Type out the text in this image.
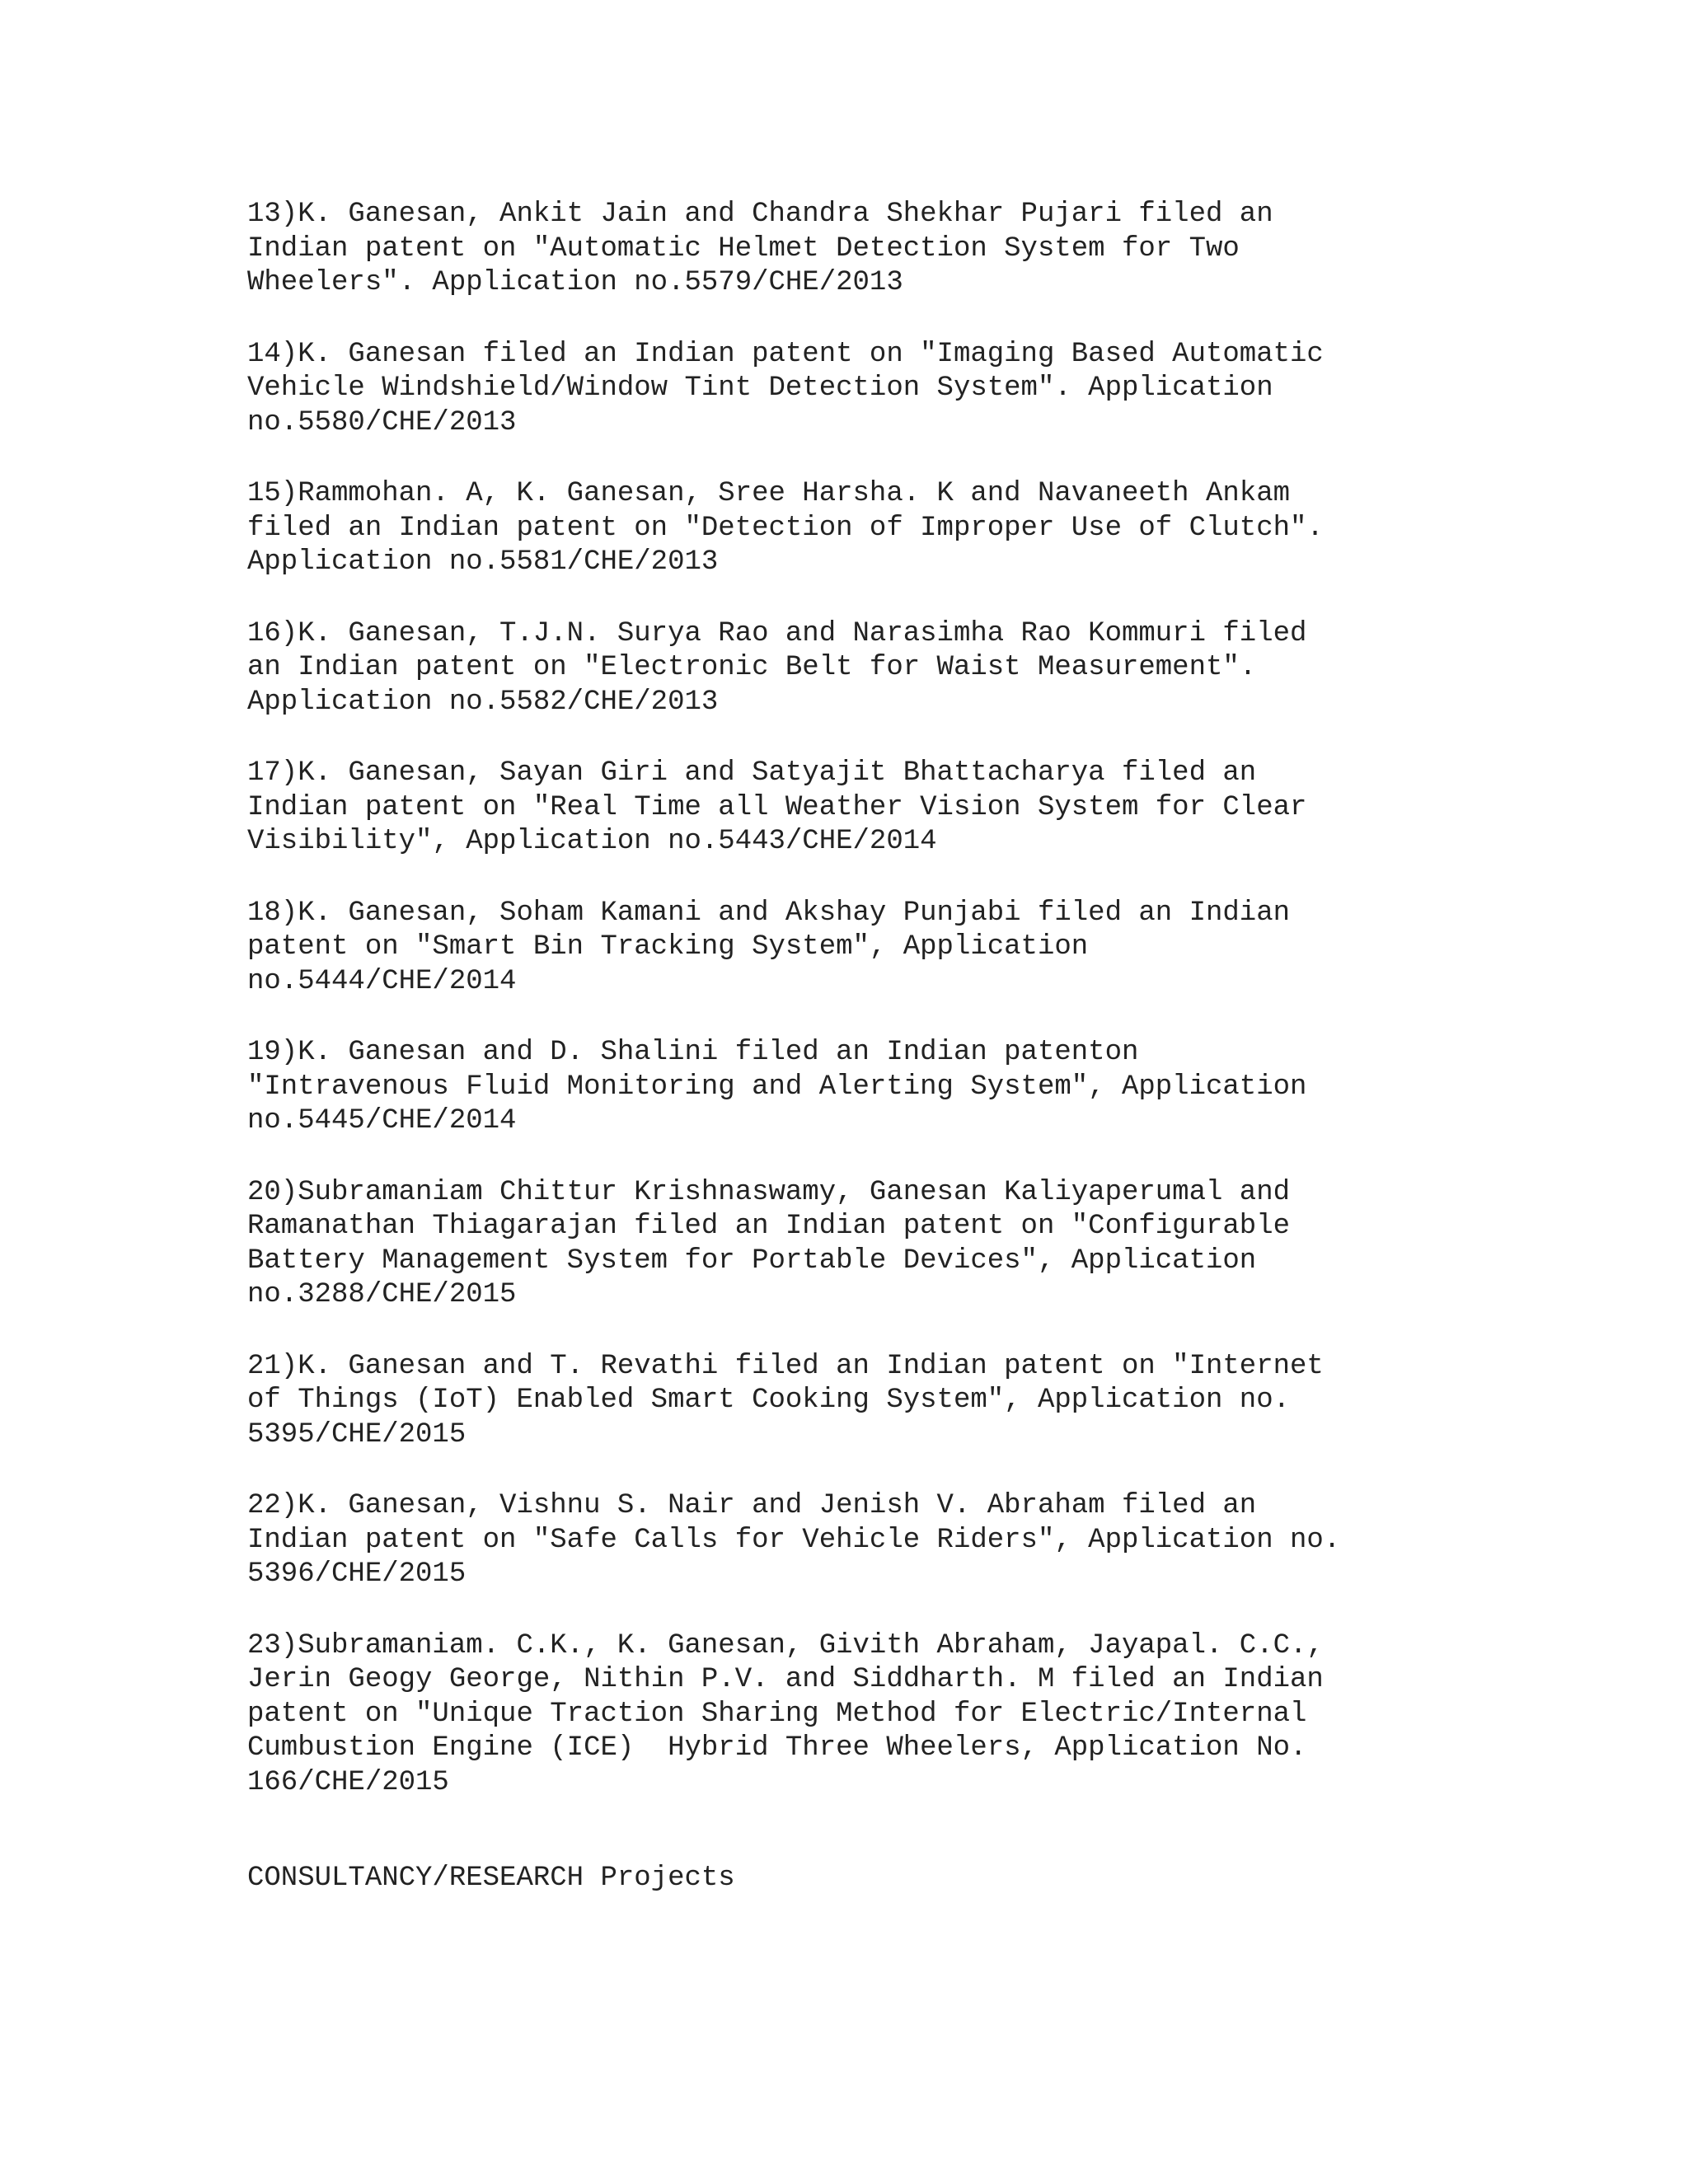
13)K. Ganesan, Ankit Jain and Chandra Shekhar Pujari filed an
Indian patent on "Automatic Helmet Detection System for Two
Wheelers". Application no.5579/CHE/2013
14)K. Ganesan filed an Indian patent on "Imaging Based Automatic
Vehicle Windshield/Window Tint Detection System". Application
no.5580/CHE/2013
15)Rammohan. A, K. Ganesan, Sree Harsha. K and Navaneeth Ankam
filed an Indian patent on "Detection of Improper Use of Clutch".
Application no.5581/CHE/2013
16)K. Ganesan, T.J.N. Surya Rao and Narasimha Rao Kommuri filed
an Indian patent on "Electronic Belt for Waist Measurement".
Application no.5582/CHE/2013
17)K. Ganesan, Sayan Giri and Satyajit Bhattacharya filed an
Indian patent on "Real Time all Weather Vision System for Clear
Visibility", Application no.5443/CHE/2014
18)K. Ganesan, Soham Kamani and Akshay Punjabi filed an Indian
patent on "Smart Bin Tracking System", Application
no.5444/CHE/2014
19)K. Ganesan and D. Shalini filed an Indian patenton
"Intravenous Fluid Monitoring and Alerting System", Application
no.5445/CHE/2014
20)Subramaniam Chittur Krishnaswamy, Ganesan Kaliyaperumal and
Ramanathan Thiagarajan filed an Indian patent on "Configurable
Battery Management System for Portable Devices", Application
no.3288/CHE/2015
21)K. Ganesan and T. Revathi filed an Indian patent on "Internet
of Things (IoT) Enabled Smart Cooking System", Application no.
5395/CHE/2015
22)K. Ganesan, Vishnu S. Nair and Jenish V. Abraham filed an
Indian patent on "Safe Calls for Vehicle Riders", Application no.
5396/CHE/2015
23)Subramaniam. C.K., K. Ganesan, Givith Abraham, Jayapal. C.C.,
Jerin Geogy George, Nithin P.V. and Siddharth. M filed an Indian
patent on "Unique Traction Sharing Method for Electric/Internal
Cumbustion Engine (ICE)  Hybrid Three Wheelers, Application No.
166/CHE/2015
CONSULTANCY/RESEARCH Projects
